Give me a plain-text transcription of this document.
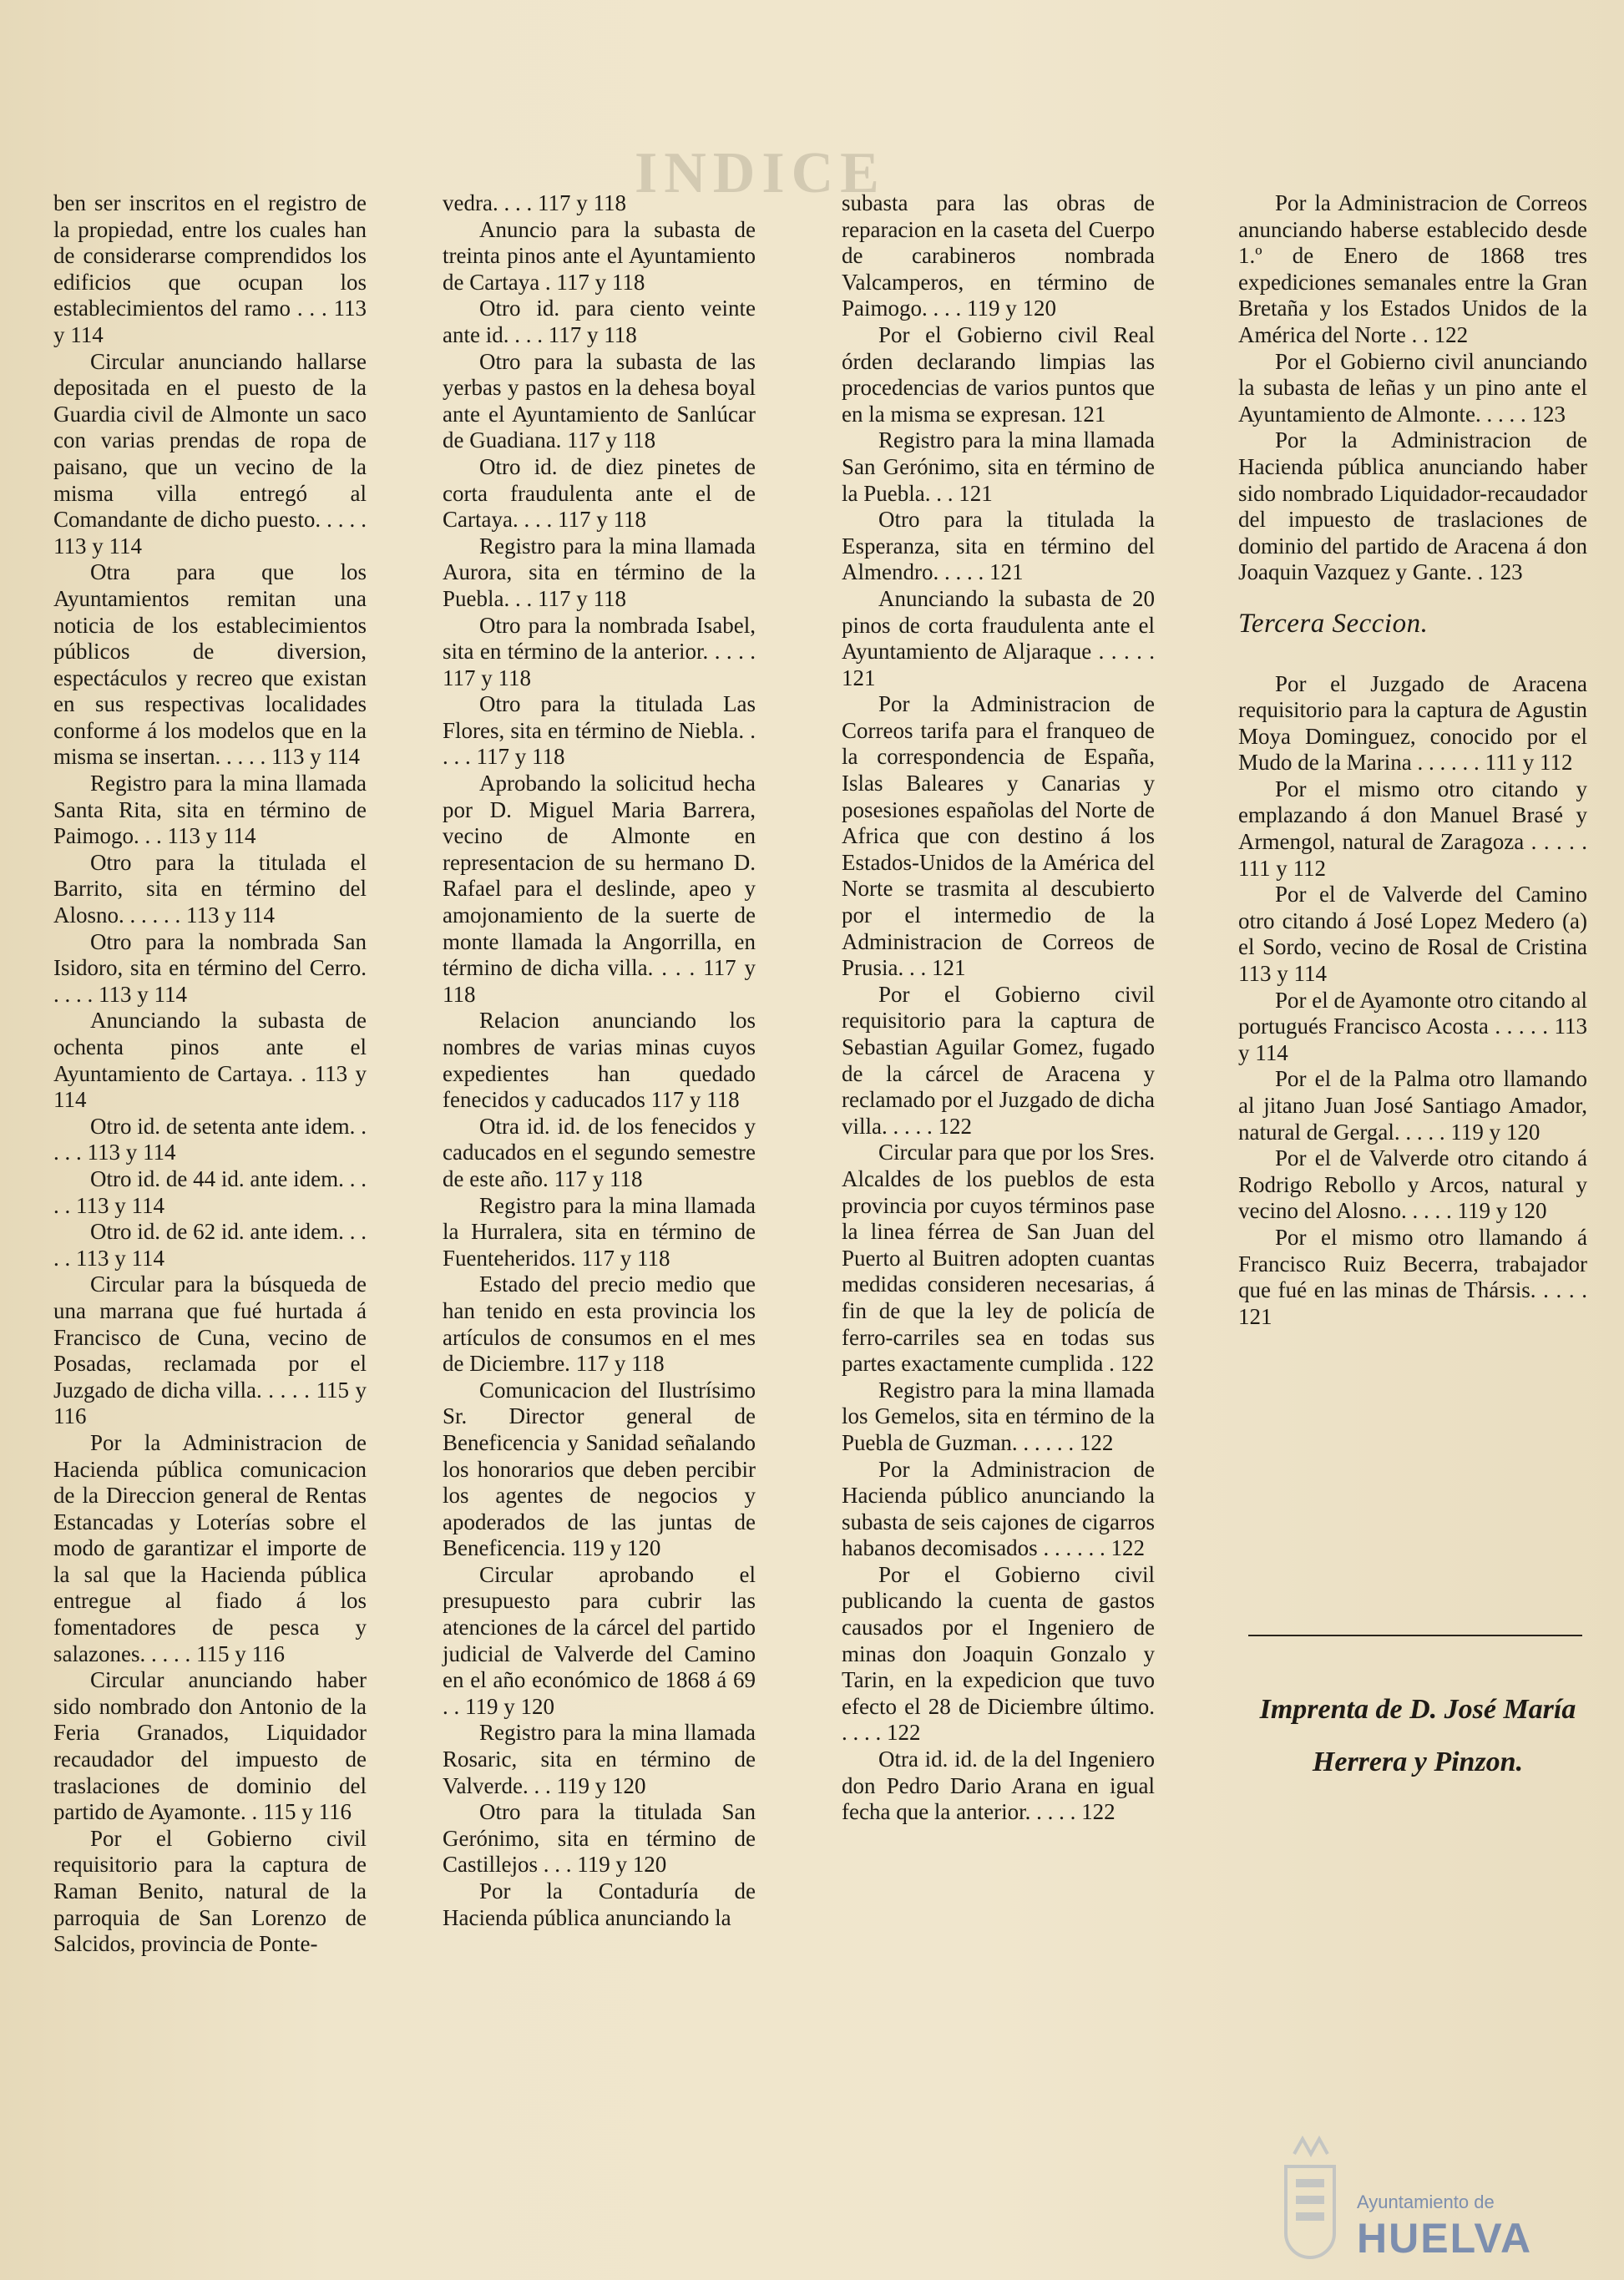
INDICE

ben ser inscritos en el registro de la propiedad, entre los cuales han de considerarse comprendidos los edificios que ocupan los establecimientos del ramo . . . 113 y 114

Circular anunciando hallarse depositada en el puesto de la Guardia civil de Almonte un saco con varias prendas de ropa de paisano, que un vecino de la misma villa entregó al Comandante de dicho puesto. . . . . 113 y 114

Otra para que los Ayuntamientos remitan una noticia de los establecimientos públicos de diversion, espectáculos y recreo que existan en sus respectivas localidades conforme á los modelos que en la misma se insertan. . . . . 113 y 114

Registro para la mina llamada Santa Rita, sita en término de Paimogo. . . 113 y 114

Otro para la titulada el Barrito, sita en término del Alosno. . . . . . 113 y 114

Otro para la nombrada San Isidoro, sita en término del Cerro. . . . . 113 y 114

Anunciando la subasta de ochenta pinos ante el Ayuntamiento de Cartaya. . 113 y 114

Otro id. de setenta ante idem. . . . . 113 y 114

Otro id. de 44 id. ante idem. . . . . 113 y 114

Otro id. de 62 id. ante idem. . . . . 113 y 114

Circular para la búsqueda de una marrana que fué hurtada á Francisco de Cuna, vecino de Posadas, reclamada por el Juzgado de dicha villa. . . . . 115 y 116

Por la Administracion de Hacienda pública comunicacion de la Direccion general de Rentas Estancadas y Loterías sobre el modo de garantizar el importe de la sal que la Hacienda pública entregue al fiado á los fomentadores de pesca y salazones. . . . . 115 y 116

Circular anunciando haber sido nombrado don Antonio de la Feria Granados, Liquidador recaudador del impuesto de traslaciones de dominio del partido de Ayamonte. . 115 y 116

Por el Gobierno civil requisitorio para la captura de Raman Benito, natural de la parroquia de San Lorenzo de Salcidos, provincia de Ponte-

vedra. . . . 117 y 118

Anuncio para la subasta de treinta pinos ante el Ayuntamiento de Cartaya . 117 y 118

Otro id. para ciento veinte ante id. . . . 117 y 118

Otro para la subasta de las yerbas y pastos en la dehesa boyal ante el Ayuntamiento de Sanlúcar de Guadiana. 117 y 118

Otro id. de diez pinetes de corta fraudulenta ante el de Cartaya. . . . 117 y 118

Registro para la mina llamada Aurora, sita en término de la Puebla. . . 117 y 118

Otro para la nombrada Isabel, sita en término de la anterior. . . . . 117 y 118

Otro para la titulada Las Flores, sita en término de Niebla. . . . . 117 y 118

Aprobando la solicitud hecha por D. Miguel Maria Barrera, vecino de Almonte en representacion de su hermano D. Rafael para el deslinde, apeo y amojonamiento de la suerte de monte llamada la Angorrilla, en término de dicha villa. . . . 117 y 118

Relacion anunciando los nombres de varias minas cuyos expedientes han quedado fenecidos y caducados 117 y 118

Otra id. id. de los fenecidos y caducados en el segundo semestre de este año. 117 y 118

Registro para la mina llamada la Hurralera, sita en término de Fuenteheridos. 117 y 118

Estado del precio medio que han tenido en esta provincia los artículos de consumos en el mes de Diciembre. 117 y 118

Comunicacion del Ilustrísimo Sr. Director general de Beneficencia y Sanidad señalando los honorarios que deben percibir los agentes de negocios y apoderados de las juntas de Beneficencia. 119 y 120

Circular aprobando el presupuesto para cubrir las atenciones de la cárcel del partido judicial de Valverde del Camino en el año económico de 1868 á 69 . . 119 y 120

Registro para la mina llamada Rosaric, sita en término de Valverde. . . 119 y 120

Otro para la titulada San Gerónimo, sita en término de Castillejos . . . 119 y 120

Por la Contaduría de Hacienda pública anunciando la

subasta para las obras de reparacion en la caseta del Cuerpo de carabineros nombrada Valcamperos, en término de Paimogo. . . . 119 y 120

Por el Gobierno civil Real órden declarando limpias las procedencias de varios puntos que en la misma se expresan. 121

Registro para la mina llamada San Gerónimo, sita en término de la Puebla. . . 121

Otro para la titulada la Esperanza, sita en término del Almendro. . . . . 121

Anunciando la subasta de 20 pinos de corta fraudulenta ante el Ayuntamiento de Aljaraque . . . . . 121

Por la Administracion de Correos tarifa para el franqueo de la correspondencia de España, Islas Baleares y Canarias y posesiones españolas del Norte de Africa que con destino á los Estados-Unidos de la América del Norte se trasmita al descubierto por el intermedio de la Administracion de Correos de Prusia. . . 121

Por el Gobierno civil requisitorio para la captura de Sebastian Aguilar Gomez, fugado de la cárcel de Aracena y reclamado por el Juzgado de dicha villa. . . . . 122

Circular para que por los Sres. Alcaldes de los pueblos de esta provincia por cuyos términos pase la linea férrea de San Juan del Puerto al Buitren adopten cuantas medidas consideren necesarias, á fin de que la ley de policía de ferro-carriles sea en todas sus partes exactamente cumplida . 122

Registro para la mina llamada los Gemelos, sita en término de la Puebla de Guzman. . . . . . 122

Por la Administracion de Hacienda público anunciando la subasta de seis cajones de cigarros habanos decomisados . . . . . . 122

Por el Gobierno civil publicando la cuenta de gastos causados por el Ingeniero de minas don Joaquin Gonzalo y Tarin, en la expedicion que tuvo efecto el 28 de Diciembre último. . . . . 122

Otra id. id. de la del Ingeniero don Pedro Dario Arana en igual fecha que la anterior. . . . . 122

Por la Administracion de Correos anunciando haberse establecido desde 1.º de Enero de 1868 tres expediciones semanales entre la Gran Bretaña y los Estados Unidos de la América del Norte . . 122

Por el Gobierno civil anunciando la subasta de leñas y un pino ante el Ayuntamiento de Almonte. . . . . 123

Por la Administracion de Hacienda pública anunciando haber sido nombrado Liquidador-recaudador del impuesto de traslaciones de dominio del partido de Aracena á don Joaquin Vazquez y Gante. . 123

Tercera Seccion.

Por el Juzgado de Aracena requisitorio para la captura de Agustin Moya Dominguez, conocido por el Mudo de la Marina . . . . . . 111 y 112

Por el mismo otro citando y emplazando á don Manuel Brasé y Armengol, natural de Zaragoza . . . . . 111 y 112

Por el de Valverde del Camino otro citando á José Lopez Medero (a) el Sordo, vecino de Rosal de Cristina 113 y 114

Por el de Ayamonte otro citando al portugués Francisco Acosta . . . . . 113 y 114

Por el de la Palma otro llamando al jitano Juan José Santiago Amador, natural de Gergal. . . . . 119 y 120

Por el de Valverde otro citando á Rodrigo Rebollo y Arcos, natural y vecino del Alosno. . . . . 119 y 120

Por el mismo otro llamando á Francisco Ruiz Becerra, trabajador que fué en las minas de Thársis. . . . . 121

Imprenta de D. José María
Herrera y Pinzon.
Ayuntamiento de
HUELVA
